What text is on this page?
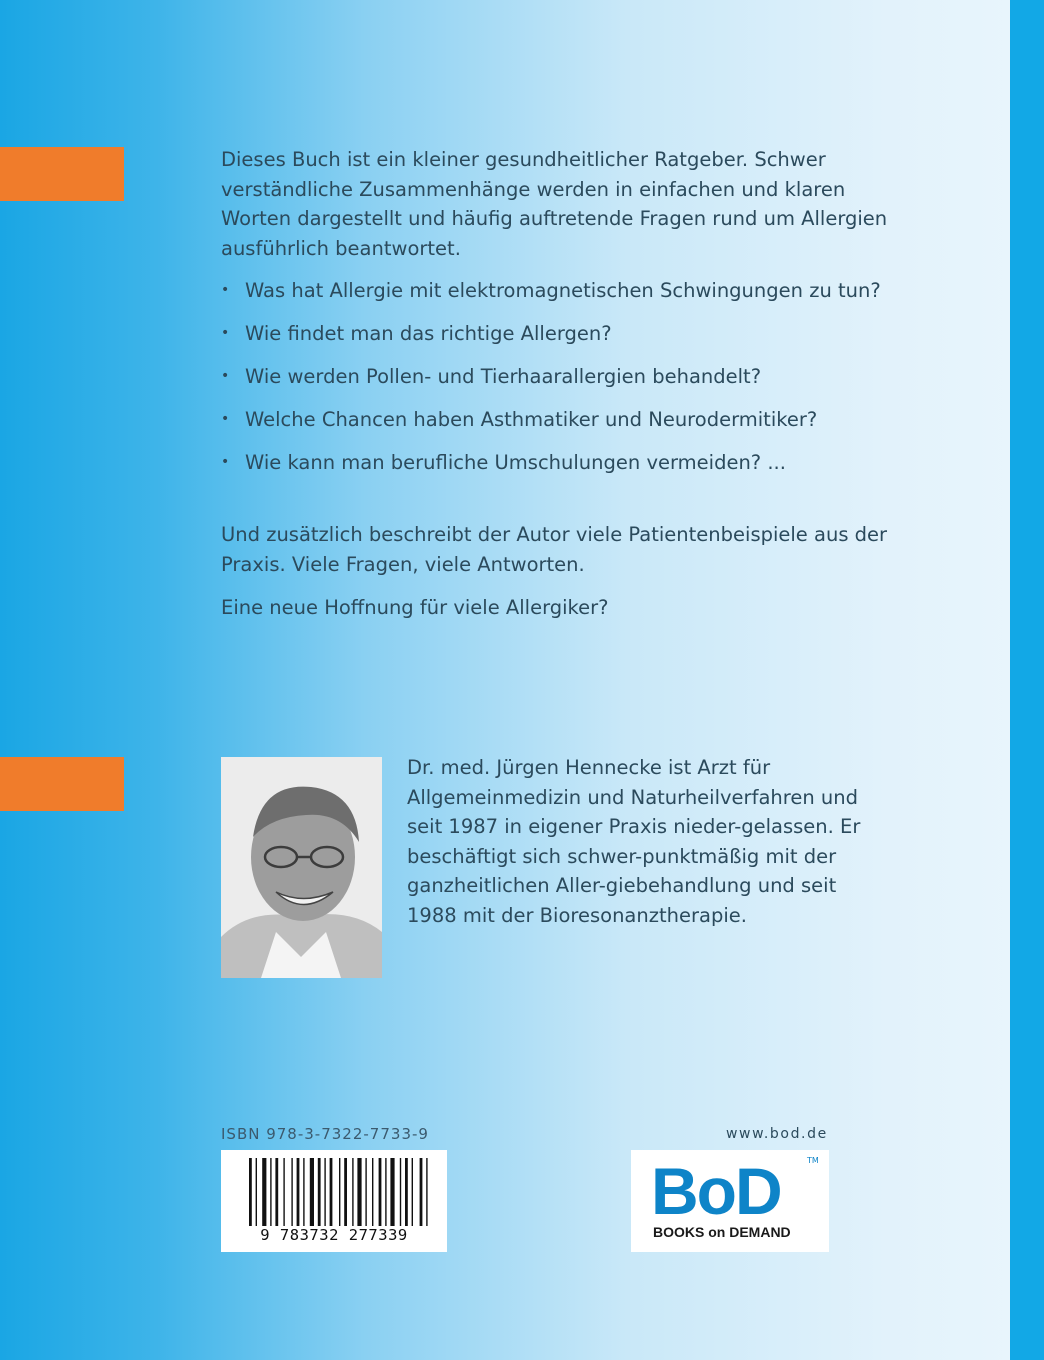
Dieses Buch ist ein kleiner gesundheitlicher Ratgeber. Schwer verständliche Zusammenhänge werden in einfachen und klaren Worten dargestellt und häufig auftretende Fragen rund um Allergien ausführlich beantwortet.
• Was hat Allergie mit elektromagnetischen Schwingungen zu tun?
• Wie findet man das richtige Allergen?
• Wie werden Pollen- und Tierhaarallergien behandelt?
• Welche Chancen haben Asthmatiker und Neurodermitiker?
• Wie kann man berufliche Umschulungen vermeiden? ...
Und zusätzlich beschreibt der Autor viele Patientenbeispiele aus der Praxis. Viele Fragen, viele Antworten.
Eine neue Hoffnung für viele Allergiker?
Dr. med. Jürgen Hennecke ist Arzt für Allgemeinmedizin und Naturheilverfahren und seit 1987 in eigener Praxis nieder-gelassen. Er beschäftigt sich schwer-punktmäßig mit der ganzheitlichen Aller-giebehandlung und seit 1988 mit der Bioresonanztherapie.
ISBN 978-3-7322-7733-9
9 783732 277339
www.bod.de
BoD	TM
BOOKS on DEMAND
